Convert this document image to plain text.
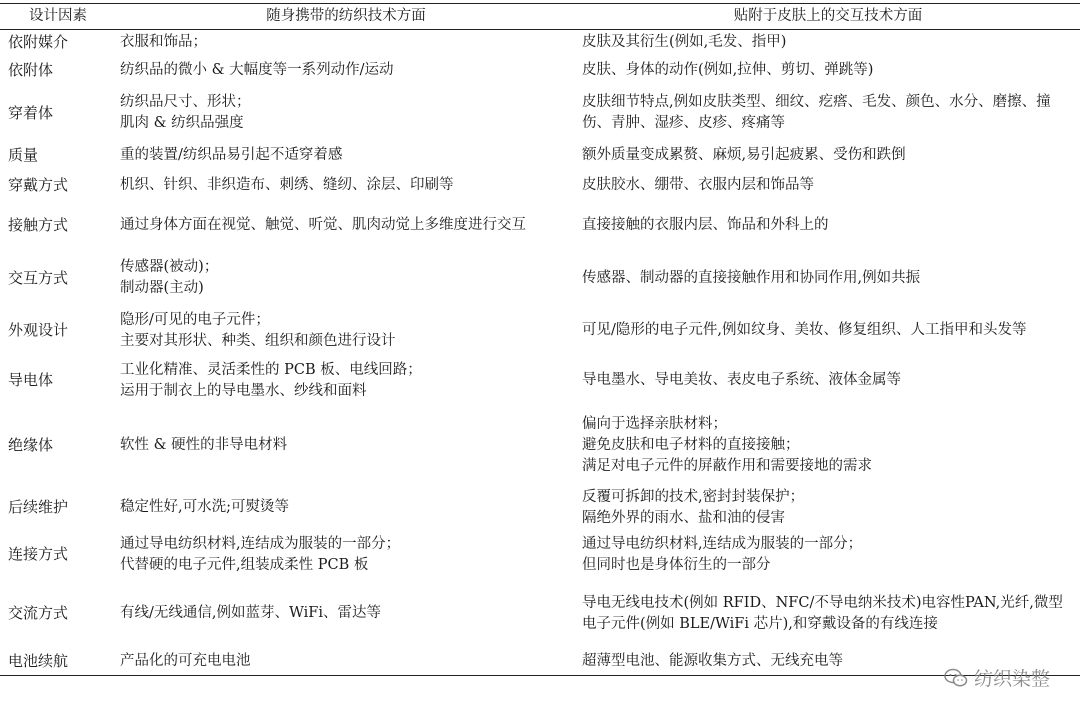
设计因素	随身携带的纺织技术方面	贴附于皮肤上的交互技术方面
依附媒介	衣服和饰品；	皮肤及其衍生(例如,毛发、指甲)

依附体	纺织品的微小 & 大幅度等一系列动作/运动	皮肤、身体的动作(例如,拉伸、剪切、弹跳等)

穿着体	纺织品尺寸、形状；
肌肉 & 纺织品强度	皮肤细节特点,例如皮肤类型、细纹、疙瘩、毛发、颜色、水分、磨擦、撞伤、青肿、湿疹、皮疹、疼痛等

质量	重的装置/纺织品易引起不适穿着感	额外质量变成累赘、麻烦,易引起疲累、受伤和跌倒

穿戴方式	机织、针织、非织造布、刺绣、缝纫、涂层、印刷等	皮肤胶水、绷带、衣服内层和饰品等

接触方式	通过身体方面在视觉、触觉、听觉、肌肉动觉上多维度进行交互	直接接触的衣服内层、饰品和外科上的

交互方式	传感器(被动)；
制动器(主动)	传感器、制动器的直接接触作用和协同作用,例如共振

外观设计	隐形/可见的电子元件；
主要对其形状、种类、组织和颜色进行设计	可见/隐形的电子元件,例如纹身、美妆、修复组织、人工指甲和头发等

导电体	工业化精准、灵活柔性的 PCB 板、电线回路；
运用于制衣上的导电墨水、纱线和面料	导电墨水、导电美妆、表皮电子系统、液体金属等

绝缘体	软性 & 硬性的非导电材料	偏向于选择亲肤材料；
避免皮肤和电子材料的直接接触；
满足对电子元件的屏蔽作用和需要接地的需求

后续维护	稳定性好,可水洗;可熨烫等	反覆可拆卸的技术,密封封装保护；
隔绝外界的雨水、盐和油的侵害

连接方式	通过导电纺织材料,连结成为服装的一部分；
代替硬的电子元件,组装成柔性 PCB 板	通过导电纺织材料,连结成为服装的一部分；
但同时也是身体衍生的一部分

交流方式	有线/无线通信,例如蓝芽、WiFi、雷达等	导电无线电技术(例如 RFID、NFC/不导电纳米技术)电容性PAN,光纤,微型电子元件(例如 BLE/WiFi 芯片),和穿戴设备的有线连接

电池续航	产品化的可充电电池	超薄型电池、能源收集方式、无线充电等
纺织染整
